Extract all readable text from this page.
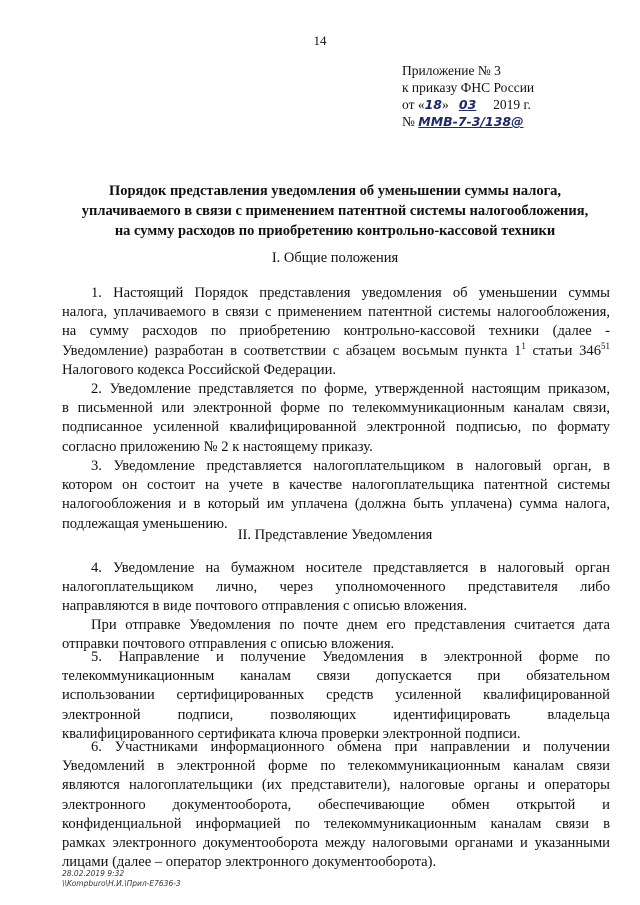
14
Приложение № 3
к приказу ФНС России
от «18» 03 2019 г.
№ ММВ-7-3/138@
Порядок представления уведомления об уменьшении суммы налога,
уплачиваемого в связи с применением патентной системы налогообложения,
на сумму расходов по приобретению контрольно-кассовой техники
I. Общие положения
1. Настоящий Порядок представления уведомления об уменьшении суммы
налога, уплачиваемого в связи с применением патентной системы налогообложения,
на сумму расходов по приобретению контрольно-кассовой техники (далее -
Уведомление) разработан в соответствии с абзацем восьмым пункта $1^1$ статьи $346^{51}$
Налогового кодекса Российской Федерации.
2. Уведомление представляется по форме, утвержденной настоящим приказом,
в письменной или электронной форме по телекоммуникационным каналам связи,
подписанное усиленной квалифицированной электронной подписью, по формату
согласно приложению № 2 к настоящему приказу.
3. Уведомление представляется налогоплательщиком в налоговый орган, в
котором он состоит на учете в качестве налогоплательщика патентной системы
налогообложения и в который им уплачена (должна быть уплачена) сумма налога,
подлежащая уменьшению.
II. Представление Уведомления
4. Уведомление на бумажном носителе представляется в налоговый орган
налогоплательщиком лично, через уполномоченного представителя либо
направляются в виде почтового отправления с описью вложения.
При отправке Уведомления по почте днем его представления считается дата
отправки почтового отправления с описью вложения.
5. Направление и получение Уведомления в электронной форме по
телекоммуникационным каналам связи допускается при обязательном
использовании сертифицированных средств усиленной квалифицированной
электронной подписи, позволяющих идентифицировать владельца
квалифицированного сертификата ключа проверки электронной подписи.
6. Участниками информационного обмена при направлении и получении
Уведомлений в электронной форме по телекоммуникационным каналам связи
являются налогоплательщики (их представители), налоговые органы и операторы
электронного документооборота, обеспечивающие обмен открытой и
конфиденциальной информацией по телекоммуникационным каналам связи в
рамках электронного документооборота между налоговыми органами и указанными
лицами (далее – оператор электронного документооборота).
28.02.2019 9:32
\\Kompburo\Н.И.\Прил-E7636-3
